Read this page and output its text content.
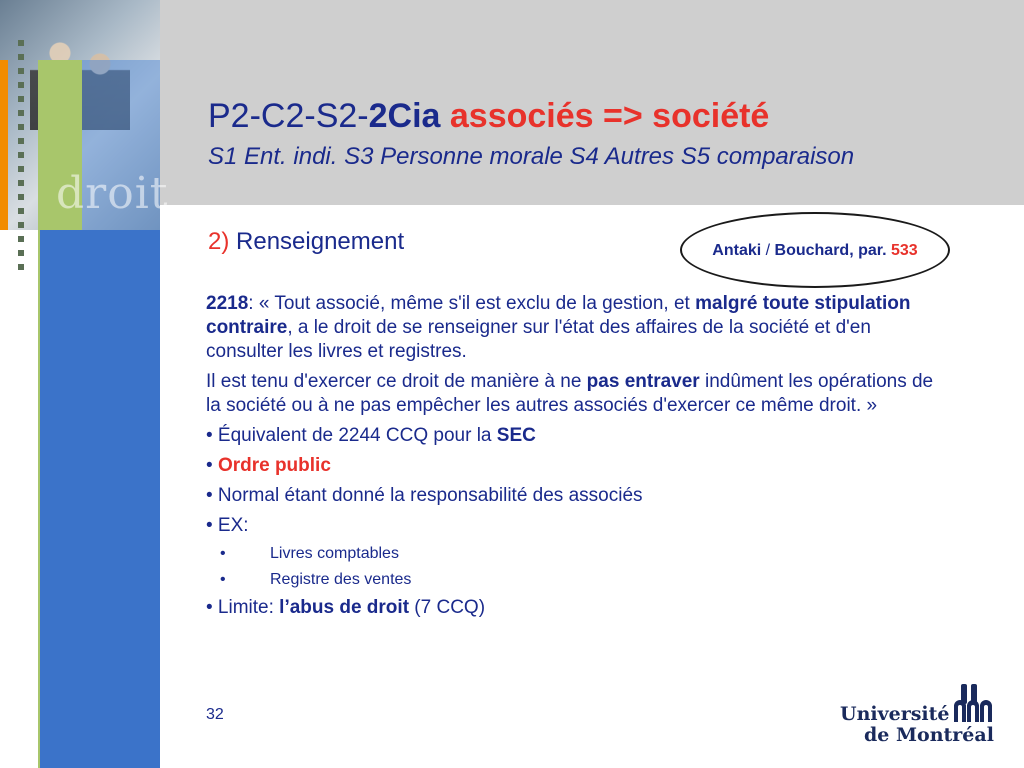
droit
P2-C2-S2-2Cia associés => société
S1 Ent. indi. S3 Personne morale S4 Autres S5 comparaison
2) Renseignement	Antaki / Bouchard, par. 533

2218: « Tout associé, même s'il est exclu de la gestion, et malgré toute stipulation contraire, a le droit de se renseigner sur l'état des affaires de la société et d'en consulter les livres et registres.

Il est tenu d'exercer ce droit de manière à ne pas entraver indûment les opérations de la société ou à ne pas empêcher les autres associés d'exercer ce même droit. »

• Équivalent de 2244 CCQ pour la SEC
• Ordre public
• Normal étant donné la responsabilité des associés
• EX:
•	Livres comptables
•	Registre des ventes
• Limite: l’abus de droit (7 CCQ)
32	Université
de Montréal
